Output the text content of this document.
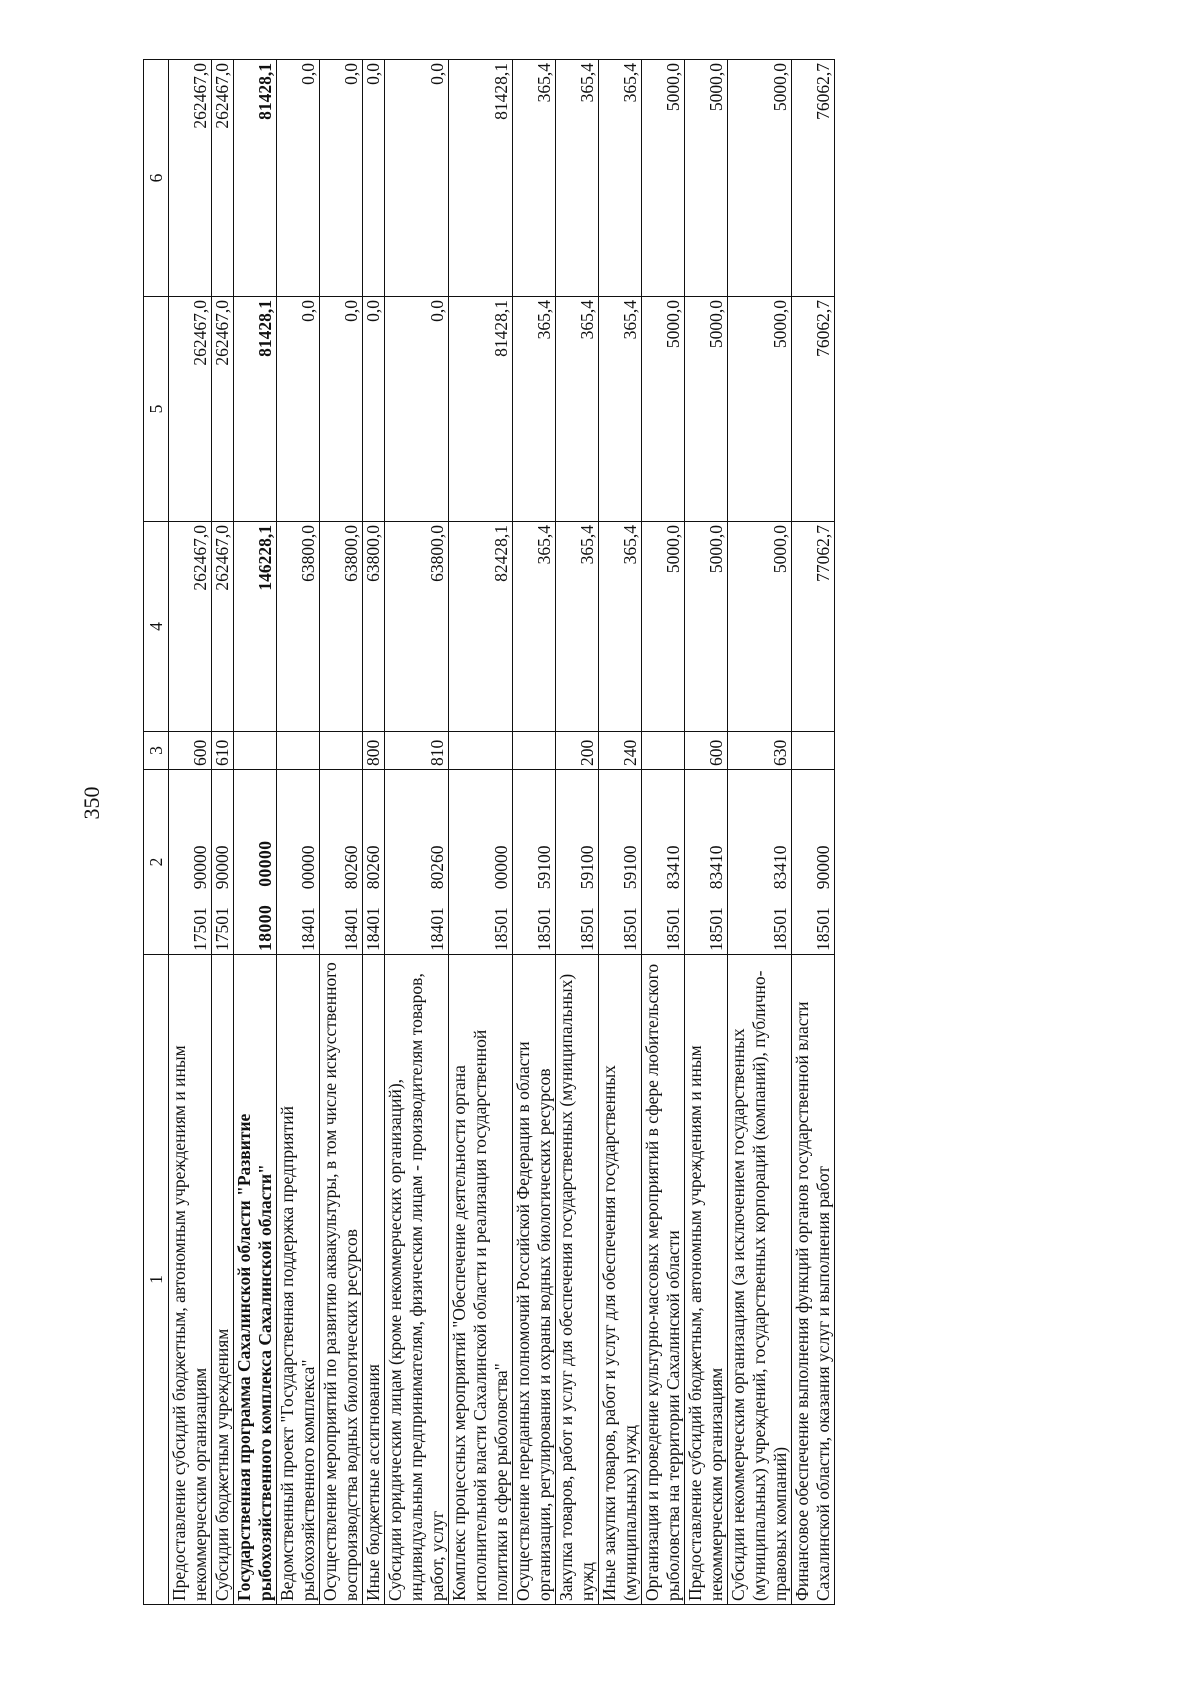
350
1	2	3	4	5	6
Предоставление субсидий бюджетным, автономным учреждениям и иным некоммерческим организациям	1750190000	600	262467,0	262467,0	262467,0
Субсидии бюджетным учреждениям	1750190000	610	262467,0	262467,0	262467,0
Государственная программа Сахалинской области "Развитие рыбохозяйственного комплекса Сахалинской области"	1800000000		146228,1	81428,1	81428,1
Ведомственный проект "Государственная поддержка предприятий рыбохозяйственного комплекса"	1840100000		63800,0	0,0	0,0
Осуществление мероприятий по развитию аквакультуры, в том числе искусственного воспроизводства водных биологических ресурсов	1840180260		63800,0	0,0	0,0
Иные бюджетные ассигнования	1840180260	800	63800,0	0,0	0,0
Субсидии юридическим лицам (кроме некоммерческих организаций), индивидуальным предпринимателям, физическим лицам - производителям товаров, работ, услуг	1840180260	810	63800,0	0,0	0,0
Комплекс процессных мероприятий "Обеспечение деятельности органа исполнительной власти Сахалинской области и реализация государственной политики в сфере рыболовства"	1850100000		82428,1	81428,1	81428,1
Осуществление переданных полномочий Российской Федерации в области организации, регулирования и охраны водных биологических ресурсов	1850159100		365,4	365,4	365,4
Закупка товаров, работ и услуг для обеспечения государственных (муниципальных) нужд	1850159100	200	365,4	365,4	365,4
Иные закупки товаров, работ и услуг для обеспечения государственных (муниципальных) нужд	1850159100	240	365,4	365,4	365,4
Организация и проведение культурно-массовых мероприятий в сфере любительского рыболовства на территории Сахалинской области	1850183410		5000,0	5000,0	5000,0
Предоставление субсидий бюджетным, автономным учреждениям и иным некоммерческим организациям	1850183410	600	5000,0	5000,0	5000,0
Субсидии некоммерческим организациям (за исключением государственных (муниципальных) учреждений, государственных корпораций (компаний), публично-правовых компаний)	1850183410	630	5000,0	5000,0	5000,0
Финансовое обеспечение выполнения функций органов государственной власти Сахалинской области, оказания услуг и выполнения работ	1850190000		77062,7	76062,7	76062,7
